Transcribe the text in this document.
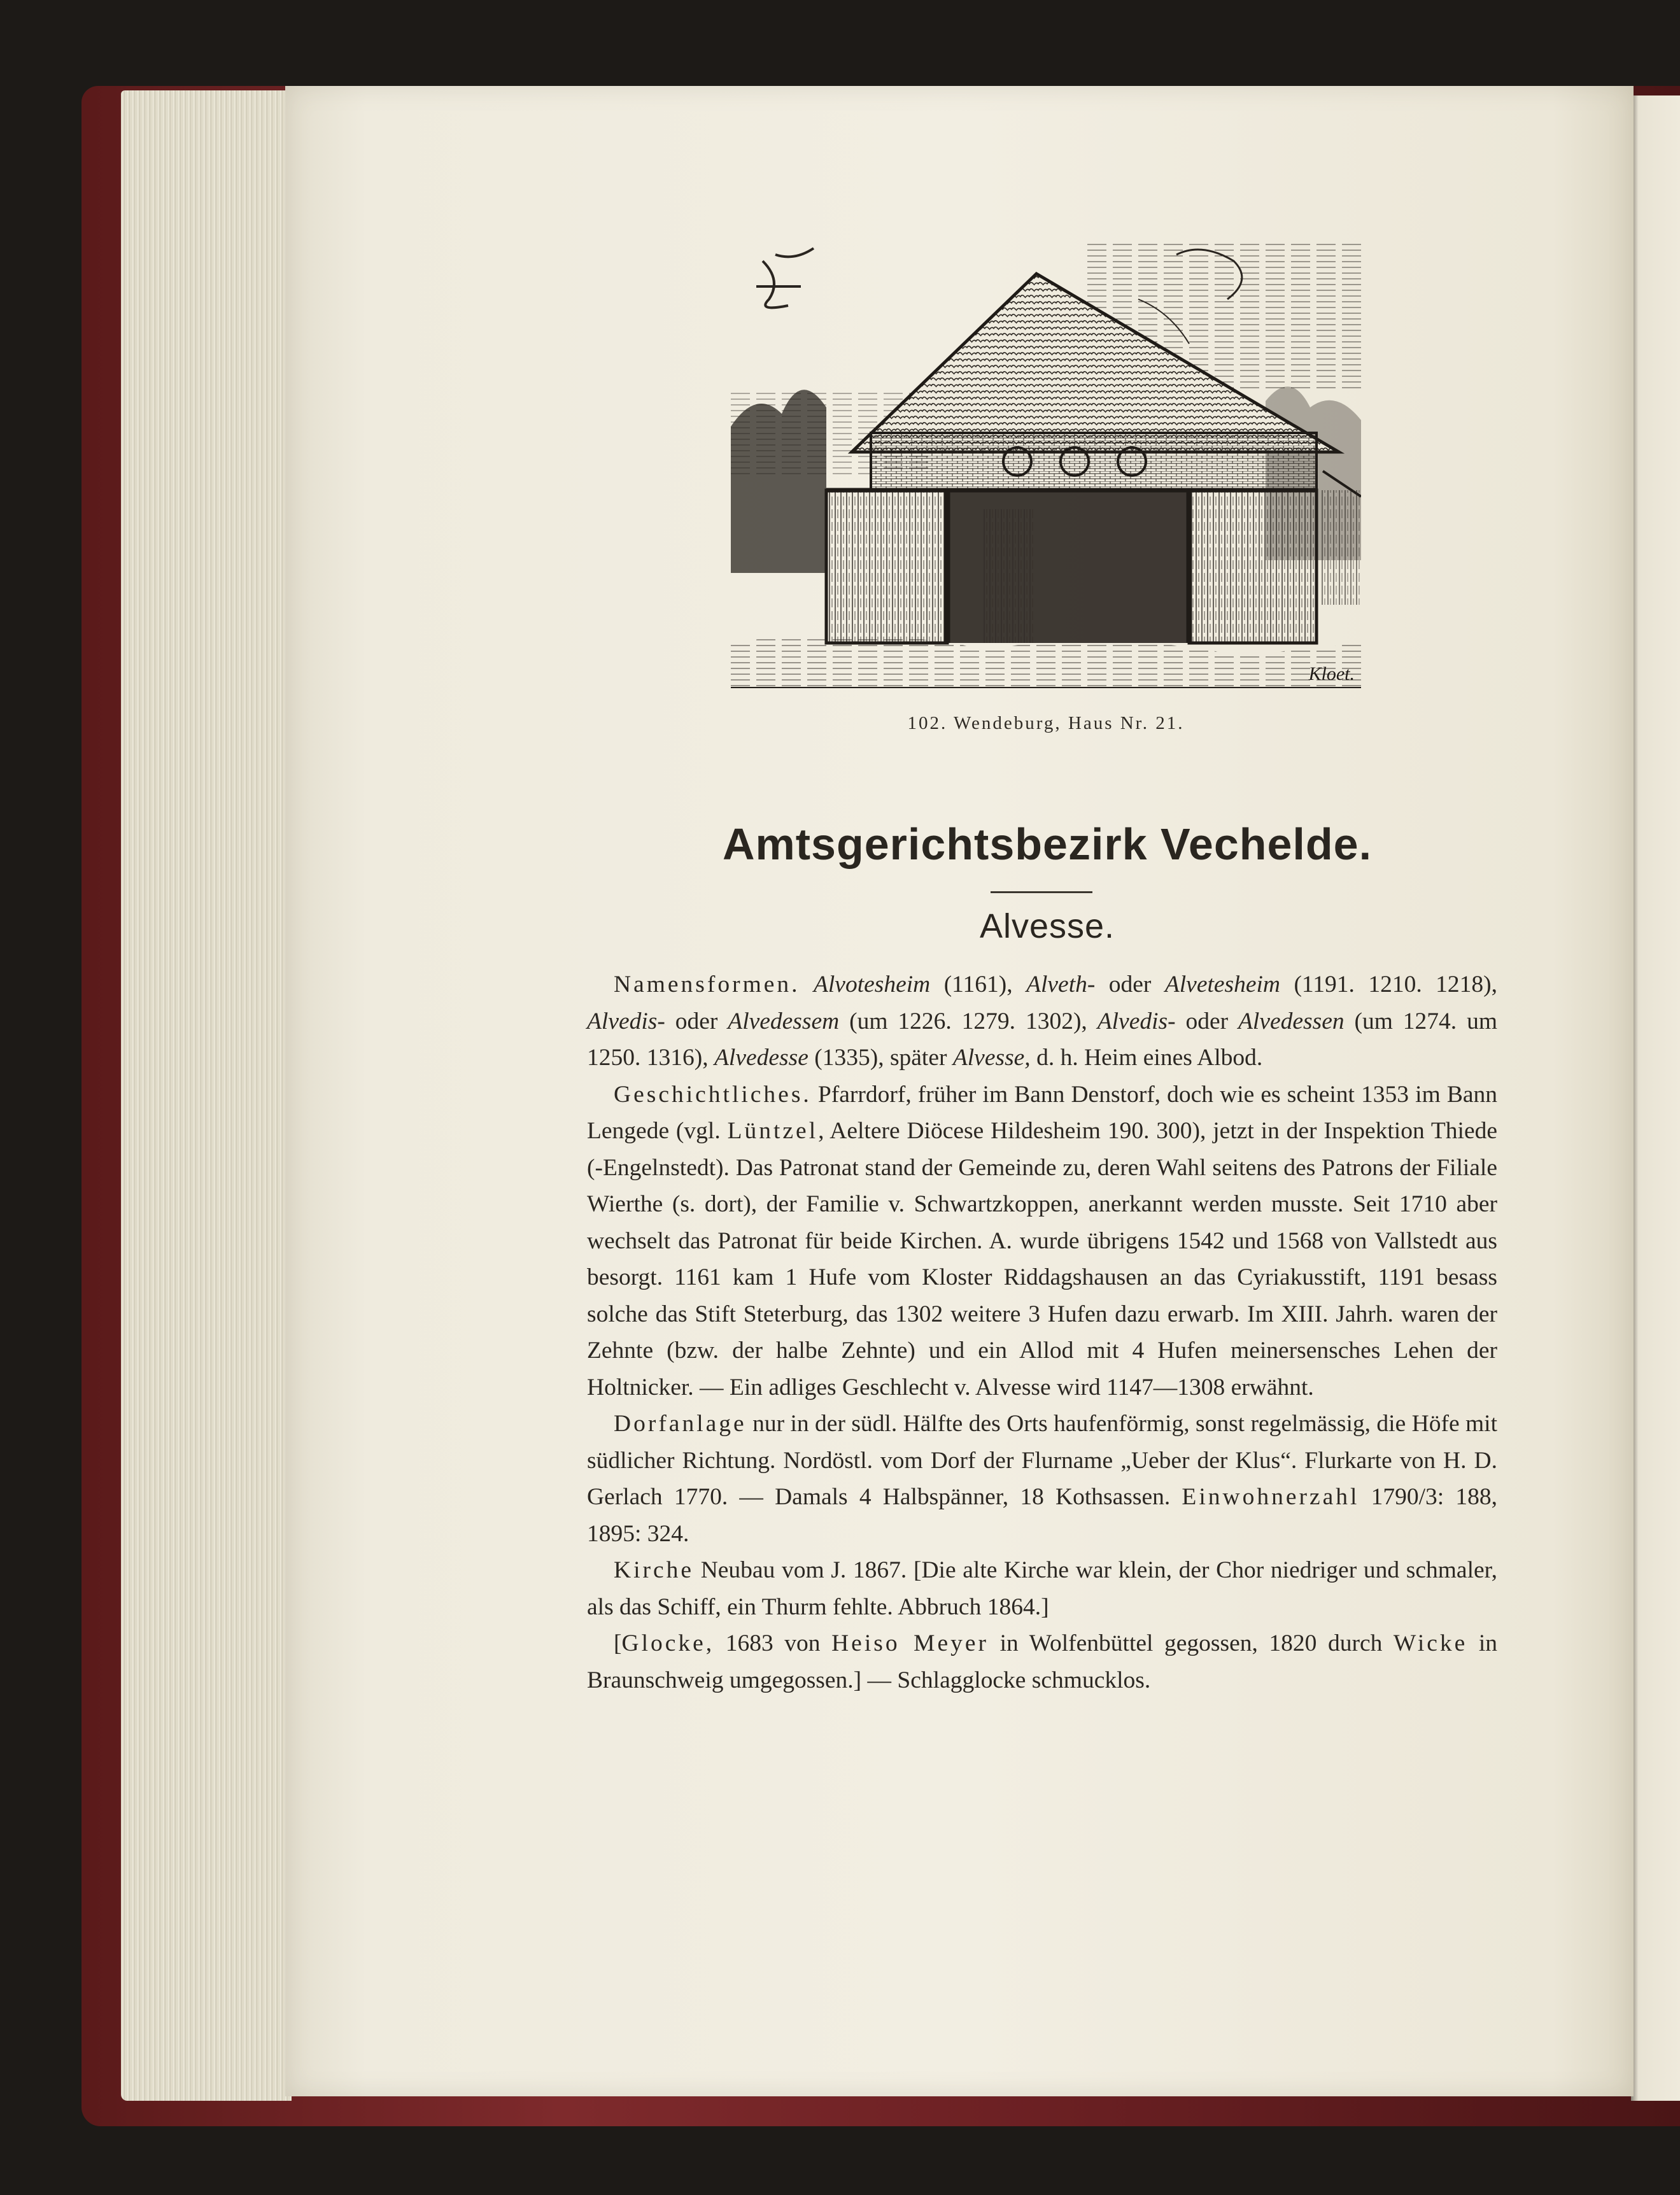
Kloet.
102. Wendeburg, Haus Nr. 21.
Amtsgerichtsbezirk Vechelde.
Alvesse.

Namensformen. Alvotesheim (1161), Alveth- oder Alvetesheim (1191. 1210. 1218), Alvedis- oder Alvedessem (um 1226. 1279. 1302), Alvedis- oder Alvedessen (um 1274. um 1250. 1316), Alvedesse (1335), später Alvesse, d. h. Heim eines Albod.

Geschichtliches. Pfarrdorf, früher im Bann Denstorf, doch wie es scheint 1353 im Bann Lengede (vgl. Lüntzel, Aeltere Diöcese Hildesheim 190. 300), jetzt in der Inspektion Thiede (-Engelnstedt). Das Patronat stand der Gemeinde zu, deren Wahl seitens des Patrons der Filiale Wierthe (s. dort), der Familie v. Schwartzkoppen, anerkannt werden musste. Seit 1710 aber wechselt das Patronat für beide Kirchen. A. wurde übrigens 1542 und 1568 von Vallstedt aus besorgt. 1161 kam 1 Hufe vom Kloster Riddagshausen an das Cyriakusstift, 1191 besass solche das Stift Steterburg, das 1302 weitere 3 Hufen dazu erwarb. Im XIII. Jahrh. waren der Zehnte (bzw. der halbe Zehnte) und ein Allod mit 4 Hufen meinersensches Lehen der Holtnicker. — Ein adliges Geschlecht v. Alvesse wird 1147—1308 erwähnt.

Dorfanlage nur in der südl. Hälfte des Orts haufenförmig, sonst regelmässig, die Höfe mit südlicher Richtung. Nordöstl. vom Dorf der Flurname „Ueber der Klus“. Flurkarte von H. D. Gerlach 1770. — Damals 4 Halbspänner, 18 Kothsassen. Einwohnerzahl 1790/3: 188, 1895: 324.

Kirche Neubau vom J. 1867. [Die alte Kirche war klein, der Chor niedriger und schmaler, als das Schiff, ein Thurm fehlte. Abbruch 1864.]

[Glocke, 1683 von Heiso Meyer in Wolfenbüttel gegossen, 1820 durch Wicke in Braunschweig umgegossen.] — Schlagglocke schmucklos.
